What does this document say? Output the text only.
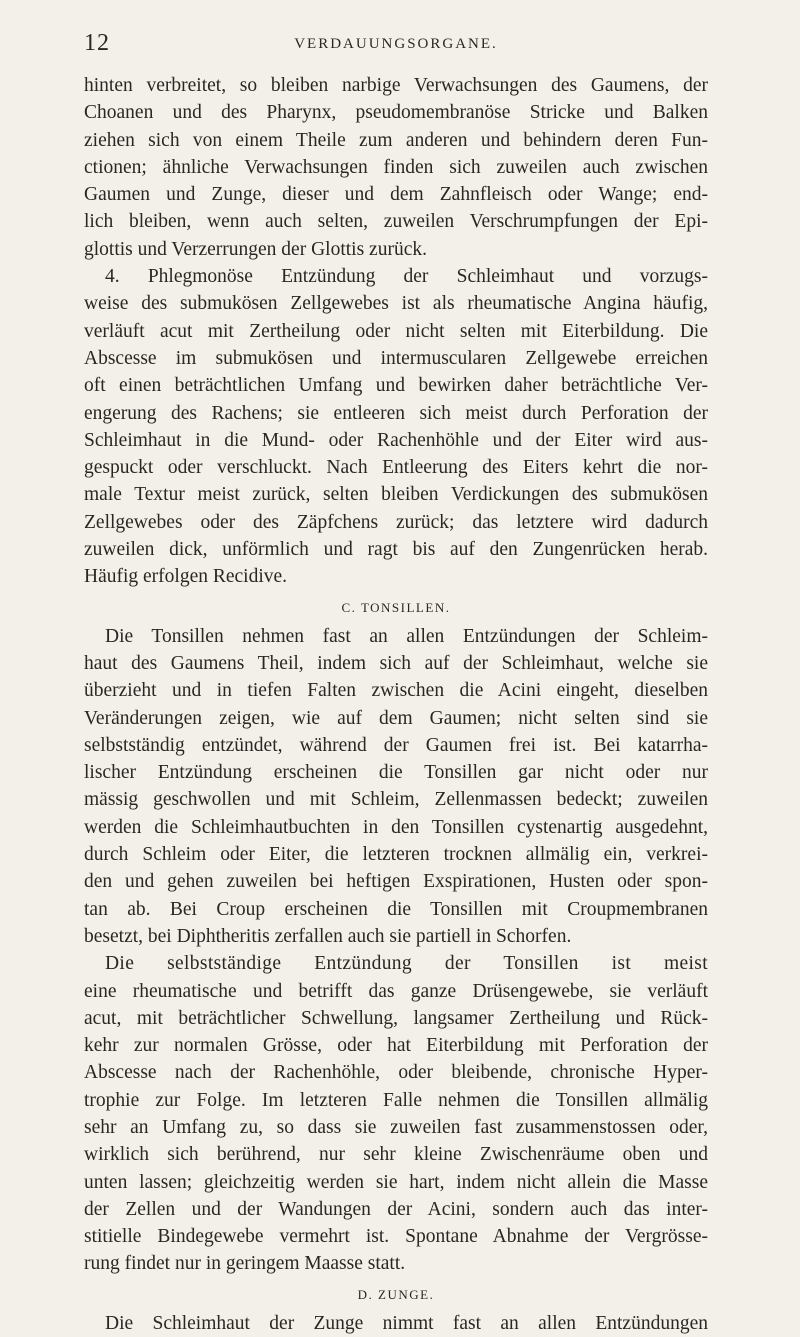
12	VERDAUUNGSORGANE.
hinten verbreitet, so bleiben narbige Verwachsungen des Gaumens, der
Choanen und des Pharynx, pseudomembranöse Stricke und Balken
ziehen sich von einem Theile zum anderen und behindern deren Fun-
ctionen; ähnliche Verwachsungen finden sich zuweilen auch zwischen
Gaumen und Zunge, dieser und dem Zahnfleisch oder Wange; end-
lich bleiben, wenn auch selten, zuweilen Verschrumpfungen der Epi-
glottis und Verzerrungen der Glottis zurück.
4. Phlegmonöse Entzündung der Schleimhaut und vorzugs-
weise des submukösen Zellgewebes ist als rheumatische Angina häufig,
verläuft acut mit Zertheilung oder nicht selten mit Eiterbildung. Die
Abscesse im submukösen und intermuscularen Zellgewebe erreichen
oft einen beträchtlichen Umfang und bewirken daher beträchtliche Ver-
engerung des Rachens; sie entleeren sich meist durch Perforation der
Schleimhaut in die Mund- oder Rachenhöhle und der Eiter wird aus-
gespuckt oder verschluckt. Nach Entleerung des Eiters kehrt die nor-
male Textur meist zurück, selten bleiben Verdickungen des submukösen
Zellgewebes oder des Zäpfchens zurück; das letztere wird dadurch
zuweilen dick, unförmlich und ragt bis auf den Zungenrücken herab.
Häufig erfolgen Recidive.
C. TONSILLEN.
Die Tonsillen nehmen fast an allen Entzündungen der Schleim-
haut des Gaumens Theil, indem sich auf der Schleimhaut, welche sie
überzieht und in tiefen Falten zwischen die Acini eingeht, dieselben
Veränderungen zeigen, wie auf dem Gaumen; nicht selten sind sie
selbstständig entzündet, während der Gaumen frei ist. Bei katarrha-
lischer Entzündung erscheinen die Tonsillen gar nicht oder nur
mässig geschwollen und mit Schleim, Zellenmassen bedeckt; zuweilen
werden die Schleimhautbuchten in den Tonsillen cystenartig ausgedehnt,
durch Schleim oder Eiter, die letzteren trocknen allmälig ein, verkrei-
den und gehen zuweilen bei heftigen Exspirationen, Husten oder spon-
tan ab. Bei Croup erscheinen die Tonsillen mit Croupmembranen
besetzt, bei Diphtheritis zerfallen auch sie partiell in Schorfen.
Die selbstständige Entzündung der Tonsillen ist meist
eine rheumatische und betrifft das ganze Drüsengewebe, sie verläuft
acut, mit beträchtlicher Schwellung, langsamer Zertheilung und Rück-
kehr zur normalen Grösse, oder hat Eiterbildung mit Perforation der
Abscesse nach der Rachenhöhle, oder bleibende, chronische Hyper-
trophie zur Folge. Im letzteren Falle nehmen die Tonsillen allmälig
sehr an Umfang zu, so dass sie zuweilen fast zusammenstossen oder,
wirklich sich berührend, nur sehr kleine Zwischenräume oben und
unten lassen; gleichzeitig werden sie hart, indem nicht allein die Masse
der Zellen und der Wandungen der Acini, sondern auch das inter-
stitielle Bindegewebe vermehrt ist. Spontane Abnahme der Vergrösse-
rung findet nur in geringem Maasse statt.
D. ZUNGE.
Die Schleimhaut der Zunge nimmt fast an allen Entzündungen
